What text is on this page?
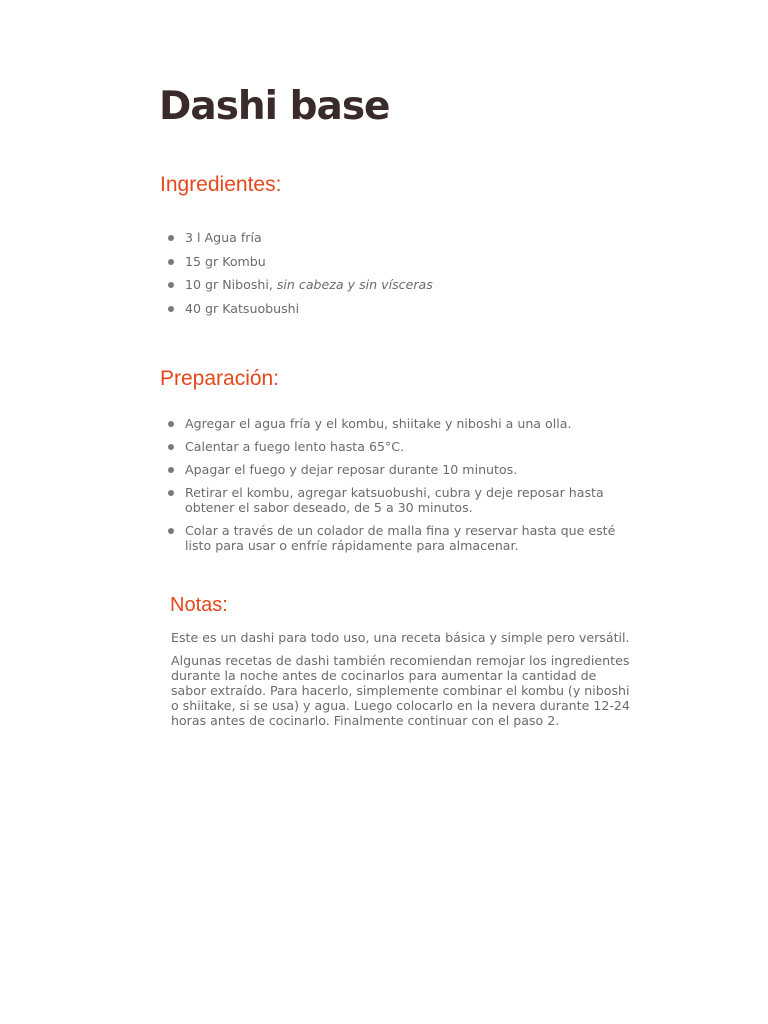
Dashi base
Ingredientes:
3 l Agua fría
15 gr Kombu
10 gr Niboshi, sin cabeza y sin vísceras
40 gr Katsuobushi
Preparación:
Agregar el agua fría y el kombu, shiitake y niboshi a una olla.
Calentar a fuego lento hasta 65°C.
Apagar el fuego y dejar reposar durante 10 minutos.
Retirar el kombu, agregar katsuobushi, cubra y deje reposar hasta obtener el sabor deseado, de 5 a 30 minutos.
Colar a través de un colador de malla fina y reservar hasta que esté listo para usar o enfríe rápidamente para almacenar.
Notas:

Este es un dashi para todo uso, una receta básica y simple pero versátil.

Algunas recetas de dashi también recomiendan remojar los ingredientes durante la noche antes de cocinarlos para aumentar la cantidad de sabor extraído. Para hacerlo, simplemente combinar el kombu (y niboshi o shiitake, si se usa) y agua. Luego colocarlo en la nevera durante 12-24 horas antes de cocinarlo. Finalmente continuar con el paso 2.
